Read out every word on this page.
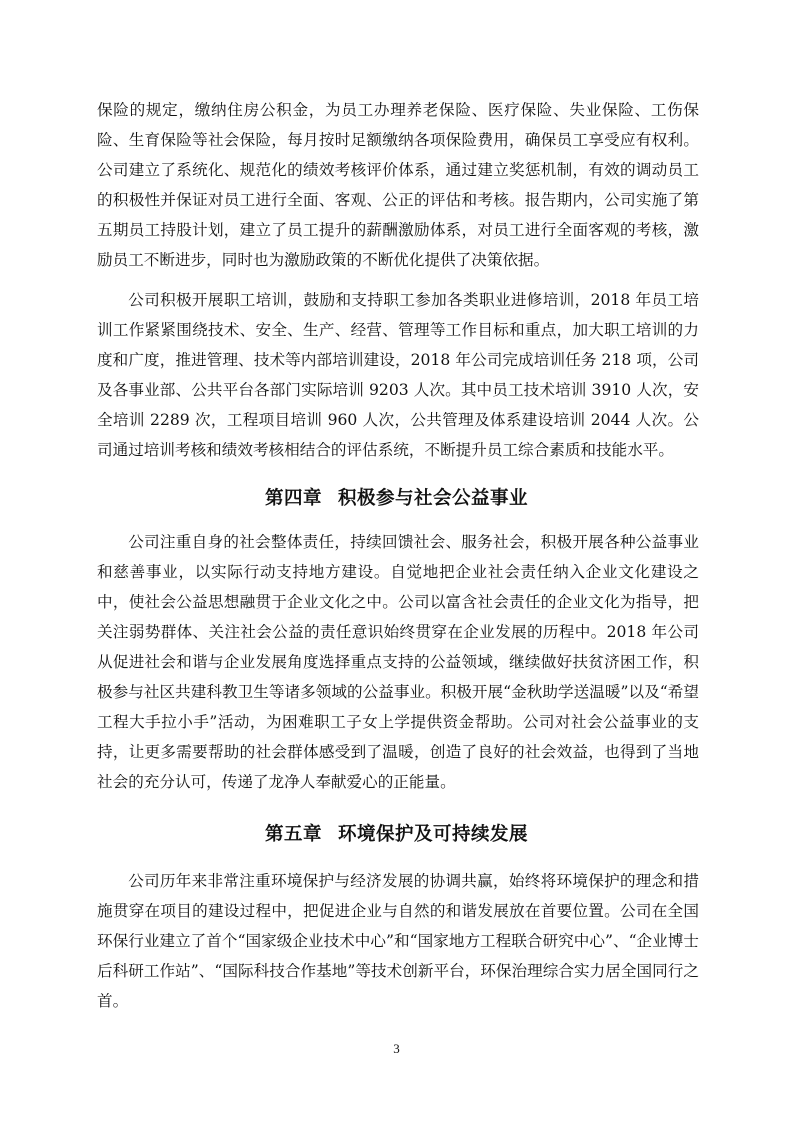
保险的规定，缴纳住房公积金，为员工办理养老保险、医疗保险、失业保险、工伤保险、生育保险等社会保险，每月按时足额缴纳各项保险费用，确保员工享受应有权利。公司建立了系统化、规范化的绩效考核评价体系，通过建立奖惩机制，有效的调动员工的积极性并保证对员工进行全面、客观、公正的评估和考核。报告期内，公司实施了第五期员工持股计划，建立了员工提升的薪酬激励体系，对员工进行全面客观的考核，激励员工不断进步，同时也为激励政策的不断优化提供了决策依据。

公司积极开展职工培训，鼓励和支持职工参加各类职业进修培训，2018 年员工培训工作紧紧围绕技术、安全、生产、经营、管理等工作目标和重点，加大职工培训的力度和广度，推进管理、技术等内部培训建设，2018 年公司完成培训任务 218 项，公司及各事业部、公共平台各部门实际培训 9203 人次。其中员工技术培训 3910 人次，安全培训 2289 次，工程项目培训 960 人次，公共管理及体系建设培训 2044 人次。公司通过培训考核和绩效考核相结合的评估系统，不断提升员工综合素质和技能水平。

第四章 积极参与社会公益事业

公司注重自身的社会整体责任，持续回馈社会、服务社会，积极开展各种公益事业和慈善事业，以实际行动支持地方建设。自觉地把企业社会责任纳入企业文化建设之中，使社会公益思想融贯于企业文化之中。公司以富含社会责任的企业文化为指导，把关注弱势群体、关注社会公益的责任意识始终贯穿在企业发展的历程中。2018 年公司从促进社会和谐与企业发展角度选择重点支持的公益领域，继续做好扶贫济困工作，积极参与社区共建科教卫生等诸多领域的公益事业。积极开展“金秋助学送温暖”以及“希望工程大手拉小手”活动，为困难职工子女上学提供资金帮助。公司对社会公益事业的支持，让更多需要帮助的社会群体感受到了温暖，创造了良好的社会效益，也得到了当地社会的充分认可，传递了龙净人奉献爱心的正能量。

第五章 环境保护及可持续发展

公司历年来非常注重环境保护与经济发展的协调共赢，始终将环境保护的理念和措施贯穿在项目的建设过程中，把促进企业与自然的和谐发展放在首要位置。公司在全国环保行业建立了首个“国家级企业技术中心”和“国家地方工程联合研究中心”、“企业博士后科研工作站”、“国际科技合作基地”等技术创新平台，环保治理综合实力居全国同行之首。

3
